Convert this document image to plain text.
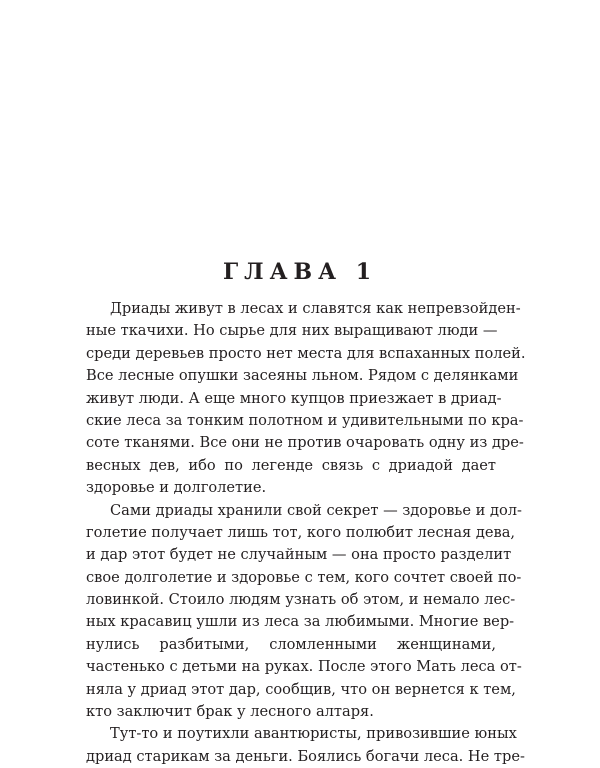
ГЛАВА 1
Дриады живут в лесах и славятся как непревзойден-
ные ткачихи. Но сырье для них выращивают люди —
среди деревьев просто нет места для вспаханных полей.
Все лесные опушки засеяны льном. Рядом с делянками
живут люди. А еще много купцов приезжает в дриад-
ские леса за тонким полотном и удивительными по кра-
соте тканями. Все они не против очаровать одну из дре-
весных дев, ибо по легенде связь с дриадой дает
здоровье и долголетие.
Сами дриады хранили свой секрет — здоровье и дол-
голетие получает лишь тот, кого полюбит лесная дева,
и дар этот будет не случайным — она просто разделит
свое долголетие и здоровье с тем, кого сочтет своей по-
ловинкой. Стоило людям узнать об этом, и немало лес-
ных красавиц ушли из леса за любимыми. Многие вер-
нулись разбитыми, сломленными женщинами,
частенько с детьми на руках. После этого Мать леса от-
няла у дриад этот дар, сообщив, что он вернется к тем,
кто заключит брак у лесного алтаря.
Тут-то и поутихли авантюристы, привозившие юных
дриад старикам за деньги. Боялись богачи леса. Не тре-
